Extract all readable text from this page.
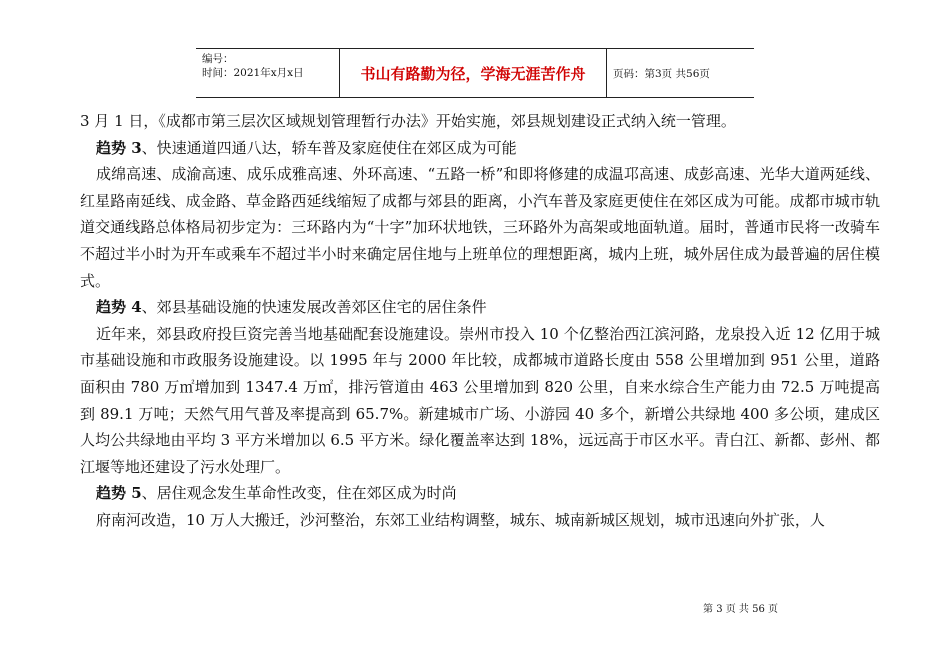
编号：
时间：2021年x月x日	书山有路勤为径，学海无涯苦作舟	页码：第3页 共56页

3 月 1 日，《成都市第三层次区域规划管理暂行办法》开始实施，郊县规划建设正式纳入统一管理。

趋势 3、快速通道四通八达，轿车普及家庭使住在郊区成为可能

成绵高速、成渝高速、成乐成雅高速、外环高速、“五路一桥”和即将修建的成温邛高速、成彭高速、光华大道两延线、红星路南延线、成金路、草金路西延线缩短了成都与郊县的距离，小汽车普及家庭更使住在郊区成为可能。成都市城市轨道交通线路总体格局初步定为：三环路内为“十字”加环状地铁，三环路外为高架或地面轨道。届时，普通市民将一改骑车不超过半小时为开车或乘车不超过半小时来确定居住地与上班单位的理想距离，城内上班，城外居住成为最普遍的居住模式。

趋势 4、郊县基础设施的快速发展改善郊区住宅的居住条件

近年来，郊县政府投巨资完善当地基础配套设施建设。崇州市投入 10 个亿整治西江滨河路，龙泉投入近 12 亿用于城市基础设施和市政服务设施建设。以 1995 年与 2000 年比较，成都城市道路长度由 558 公里增加到 951 公里，道路面积由 780 万㎡增加到 1347.4 万㎡，排污管道由 463 公里增加到 820 公里，自来水综合生产能力由 72.5 万吨提高到 89.1 万吨；天然气用气普及率提高到 65.7%。新建城市广场、小游园 40 多个，新增公共绿地 400 多公顷，建成区人均公共绿地由平均 3 平方米增加以 6.5 平方米。绿化覆盖率达到 18%，远远高于市区水平。青白江、新都、彭州、都江堰等地还建设了污水处理厂。

趋势 5、居住观念发生革命性改变，住在郊区成为时尚

府南河改造，10 万人大搬迁，沙河整治，东郊工业结构调整，城东、城南新城区规划，城市迅速向外扩张，人

第 3 页 共 56 页
